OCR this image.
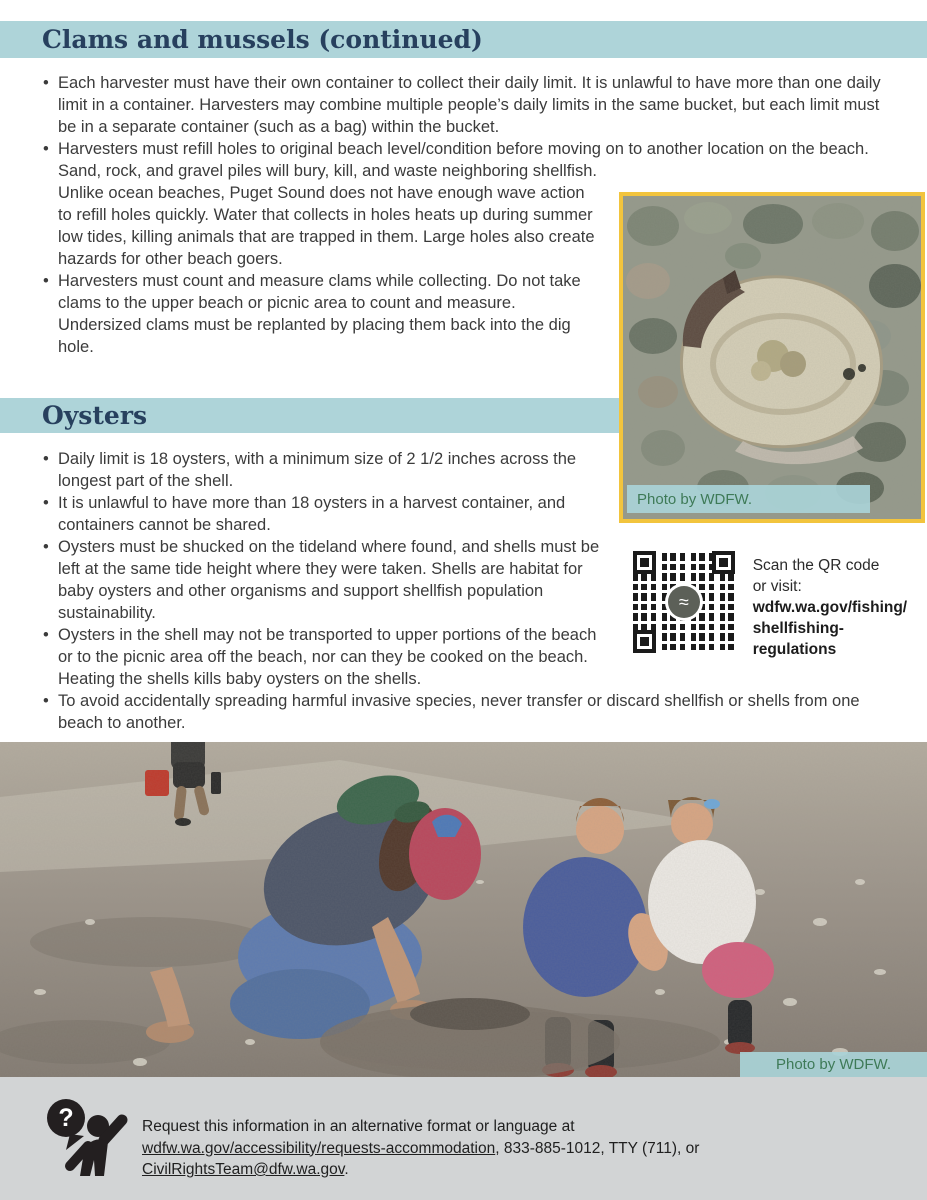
Clams and mussels (continued)
• Each harvester must have their own container to collect their daily limit. It is unlawful to have more than one daily limit in a container. Harvesters may combine multiple people’s daily limits in the same bucket, but each limit must be in a separate container (such as a bag) within the bucket.
• Harvesters must refill holes to original beach level/condition before moving on to another location on the beach. Sand, rock, and gravel piles will bury, kill, and waste neighboring shellfish. Unlike ocean beaches, Puget Sound does not have enough wave action to refill holes quickly. Water that collects in holes heats up during summer low tides, killing animals that are trapped in them. Large holes also create hazards for other beach goers.
• Harvesters must count and measure clams while collecting. Do not take clams to the upper beach or picnic area to count and measure. Undersized clams must be replanted by placing them back into the dig hole.
Oysters
• Daily limit is 18 oysters, with a minimum size of 2 1/2 inches across the longest part of the shell.
• It is unlawful to have more than 18 oysters in a harvest container, and containers cannot be shared.
• Oysters must be shucked on the tideland where found, and shells must be left at the same tide height where they were taken. Shells are habitat for baby oysters and other organisms and support shellfish population sustainability.
• Oysters in the shell may not be transported to upper portions of the beach or to the picnic area off the beach, nor can they be cooked on the beach. Heating the shells kills baby oysters on the shells.
• To avoid accidentally spreading harmful invasive species, never transfer or discard shellfish or shells from one beach to another.
Photo by WDFW.
≈
Scan the QR code
or visit:
wdfw.wa.gov/fishing/
shellfishing-regulations
Photo by WDFW.
?	Request this information in an alternative format or language at
wdfw.wa.gov/accessibility/requests-accommodation, 833-885-1012, TTY (711), or CivilRightsTeam@dfw.wa.gov.
